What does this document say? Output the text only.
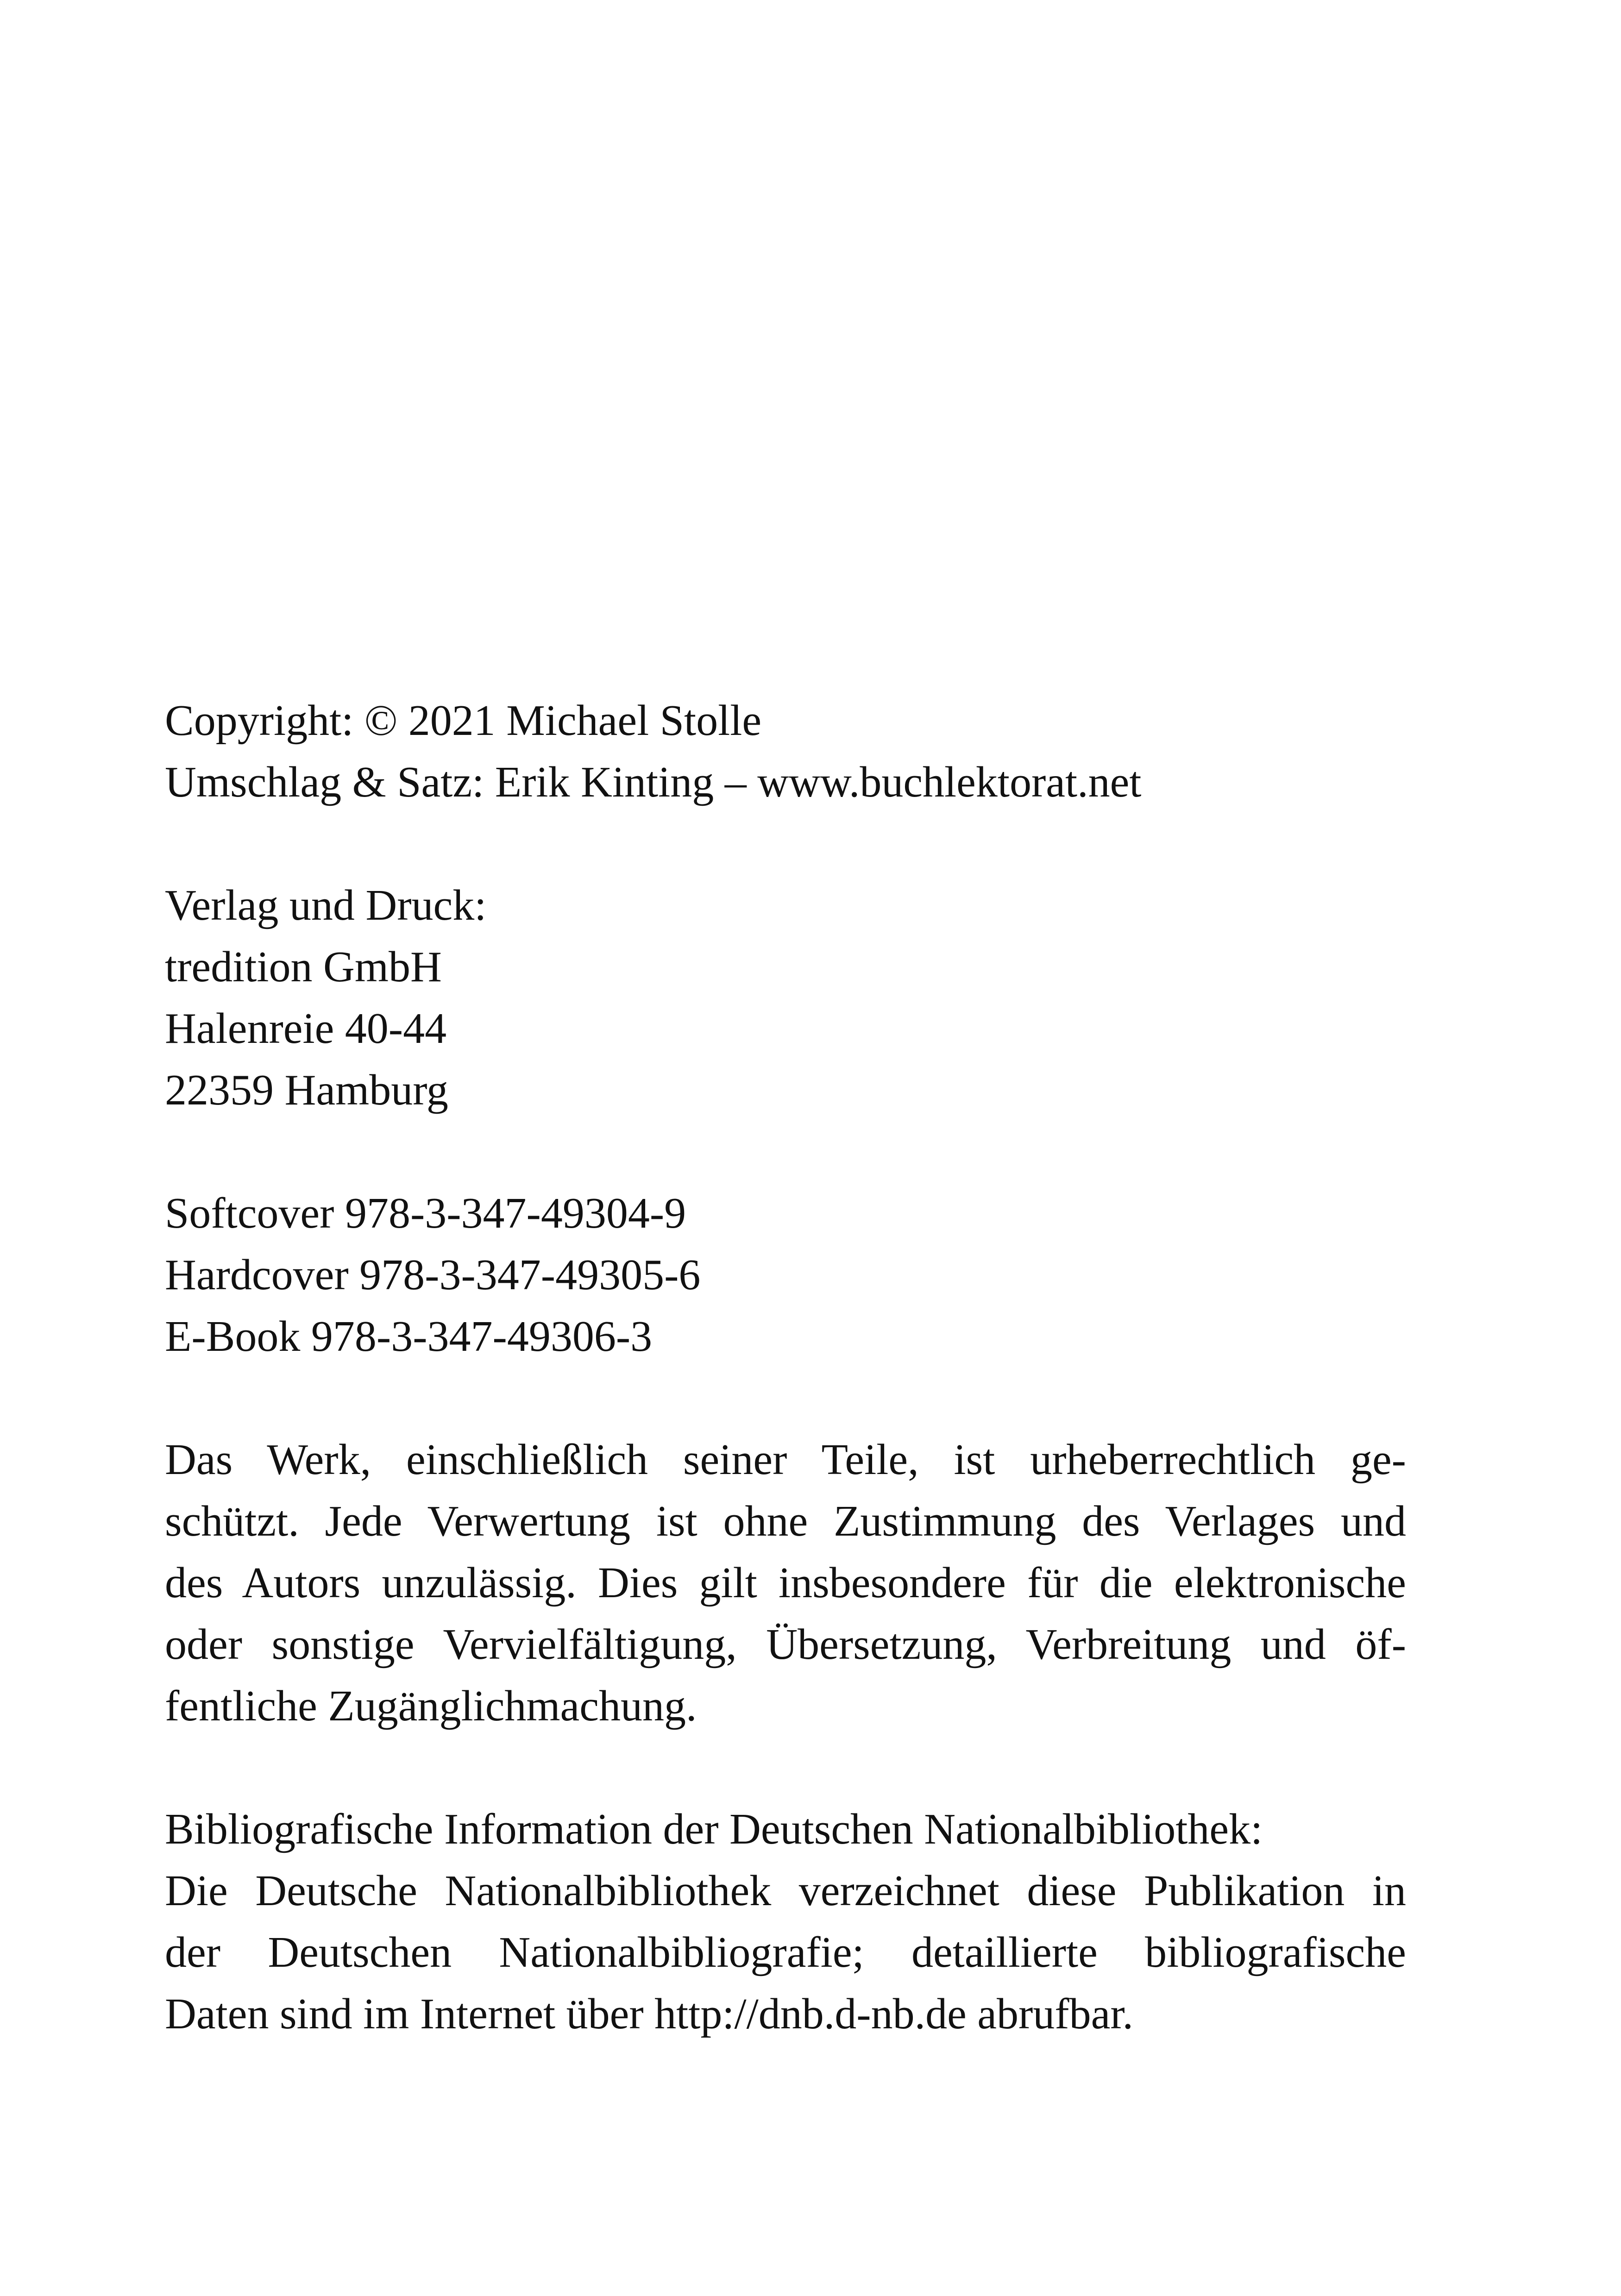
Copyright: © 2021 Michael Stolle
Umschlag & Satz: Erik Kinting – www.buchlektorat.net
Verlag und Druck:
tredition GmbH
Halenreie 40-44
22359 Hamburg
Softcover 978-3-347-49304-9
Hardcover 978-3-347-49305-6
E-Book 978-3-347-49306-3
Das Werk, einschließlich seiner Teile, ist urheberrechtlich ge-
schützt. Jede Verwertung ist ohne Zustimmung des Verlages und
des Autors unzulässig. Dies gilt insbesondere für die elektronische
oder sonstige Vervielfältigung, Übersetzung, Verbreitung und öf-
fentliche Zugänglichmachung.
Bibliografische Information der Deutschen Nationalbibliothek:
Die Deutsche Nationalbibliothek verzeichnet diese Publikation in
der Deutschen Nationalbibliografie; detaillierte bibliografische
Daten sind im Internet über http://dnb.d-nb.de abrufbar.
